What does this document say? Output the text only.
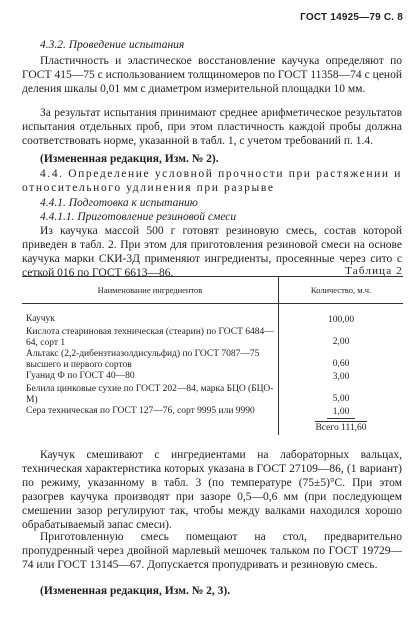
ГОСТ 14925—79 С. 8
4.3.2. Проведение испытания
Пластичность и эластическое восстановление каучука определяют по ГОСТ 415—75 с использованием толщиномеров по ГОСТ 11358—74 с ценой деления шкалы 0,01 мм с диаметром измерительной площадки 10 мм.
За результат испытания принимают среднее арифметическое результатов испытания отдельных проб, при этом пластичность каждой пробы должна соответствовать норме, указанной в табл. 1, с учетом требований п. 1.4.
(Измененная редакция, Изм. № 2).
4.4. Определение условной прочности при растяжении и относительного удлинения при разрыве
4.4.1. Подготовка к испытанию
4.4.1.1. Приготовление резиновой смеси
Из каучука массой 500 г готовят резиновую смесь, состав которой приведен в табл. 2. При этом для приготовления резиновой смеси на основе каучука марки СКИ-3Д применяют ингредиенты, просеянные через сито с сеткой 016 по ГОСТ 6613—86.	Таблица 2
Наименование ингредиентов	Количество, м.ч.

Каучук	100,00
Кислота стеариновая техническая (стеарин) по ГОСТ 6484—64, сорт 1	2,00
Альтакс (2,2-дибензтиазолдисульфид) по ГОСТ 7087—75 высшего и первого сортов	0,60
Гуанид Ф по ГОСТ 40—80	3,00
Белила цинковые сухие по ГОСТ 202—84, марка БЦО (БЦО-М)	5,00
Сера техническая по ГОСТ 127—76, сорт 9995 или 9990	1,00
	Всего 111,60
Каучук смешивают с ингредиентами на лабораторных вальцах, техническая характеристика которых указана в ГОСТ 27109—86, (1 вариант) по режиму, указанному в табл. 3 (по температуре (75±5)°С. При этом разогрев каучука производят при зазоре 0,5—0,6 мм (при последующем смешении зазор регулируют так, чтобы между валками находился хорошо обрабатываемый запас смеси).
Приготовленную смесь помещают на стол, предварительно пропудренный через двойной марлевый мешочек тальком по ГОСТ 19729—74 или ГОСТ 13145—67. Допускается пропудривать и резиновую смесь.
(Измененная редакция, Изм. № 2, 3).
